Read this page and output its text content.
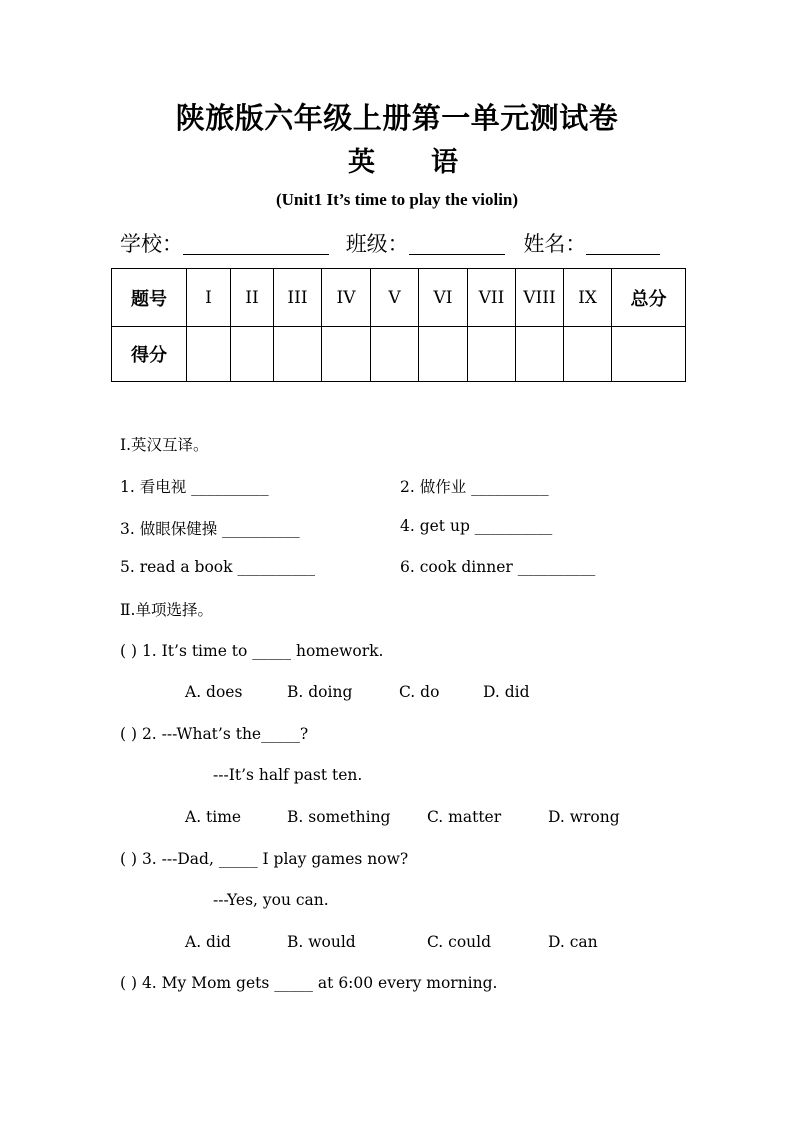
陕旅版六年级上册第一单元测试卷
英 语
(Unit1 It’s time to play the violin)
学校：	班级：	姓名：
题号	I	II	III	IV	V	VI	VII	VIII	IX	总分
得分										
I.英汉互译。
1. 看电视 __________	2. 做作业 __________
3. 做眼保健操 __________	4. get up __________
5. read a book __________	6. cook dinner __________
Ⅱ.单项选择。
( ) 1. It’s time to _____ homework.
A. does	B. doing	C. do	D. did
( ) 2. ---What’s the_____?
---It’s half past ten.
A. time	B. something C. matter	D. wrong
( ) 3. ---Dad, _____ I play games now?
---Yes, you can.
A. did	B. would	C. could	D. can
( ) 4. My Mom gets _____ at 6:00 every morning.
